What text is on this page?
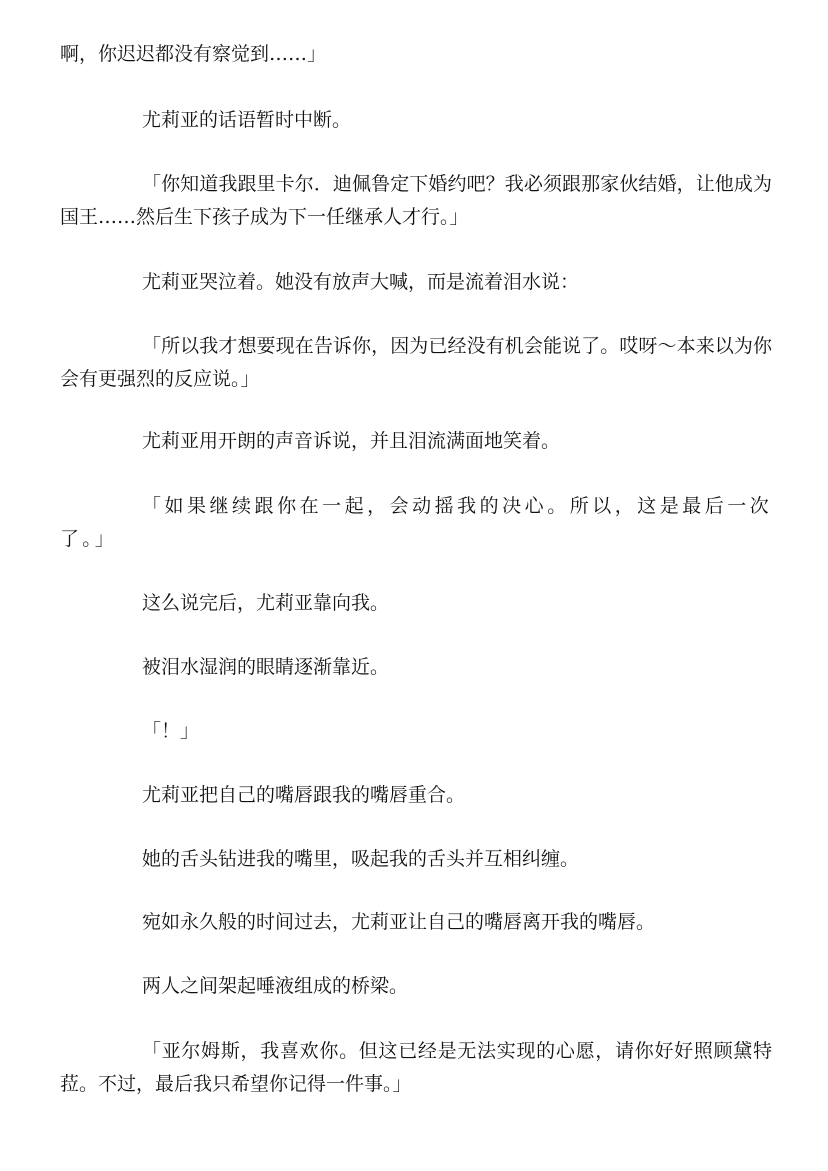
啊，你迟迟都没有察觉到……」

尤莉亚的话语暂时中断。

「你知道我跟里卡尔．迪佩鲁定下婚约吧？我必须跟那家伙结婚，让他成为国王……然后生下孩子成为下一任继承人才行。」

尤莉亚哭泣着。她没有放声大喊，而是流着泪水说：

「所以我才想要现在告诉你，因为已经没有机会能说了。哎呀～本来以为你会有更强烈的反应说。」

尤莉亚用开朗的声音诉说，并且泪流满面地笑着。

「如果继续跟你在一起，会动摇我的决心。所以，这是最后一次了。」

这么说完后，尤莉亚靠向我。

被泪水湿润的眼睛逐渐靠近。

「！」

尤莉亚把自己的嘴唇跟我的嘴唇重合。

她的舌头钻进我的嘴里，吸起我的舌头并互相纠缠。

宛如永久般的时间过去，尤莉亚让自己的嘴唇离开我的嘴唇。

两人之间架起唾液组成的桥梁。

「亚尔姆斯，我喜欢你。但这已经是无法实现的心愿，请你好好照顾黛特菈。不过，最后我只希望你记得一件事。」
